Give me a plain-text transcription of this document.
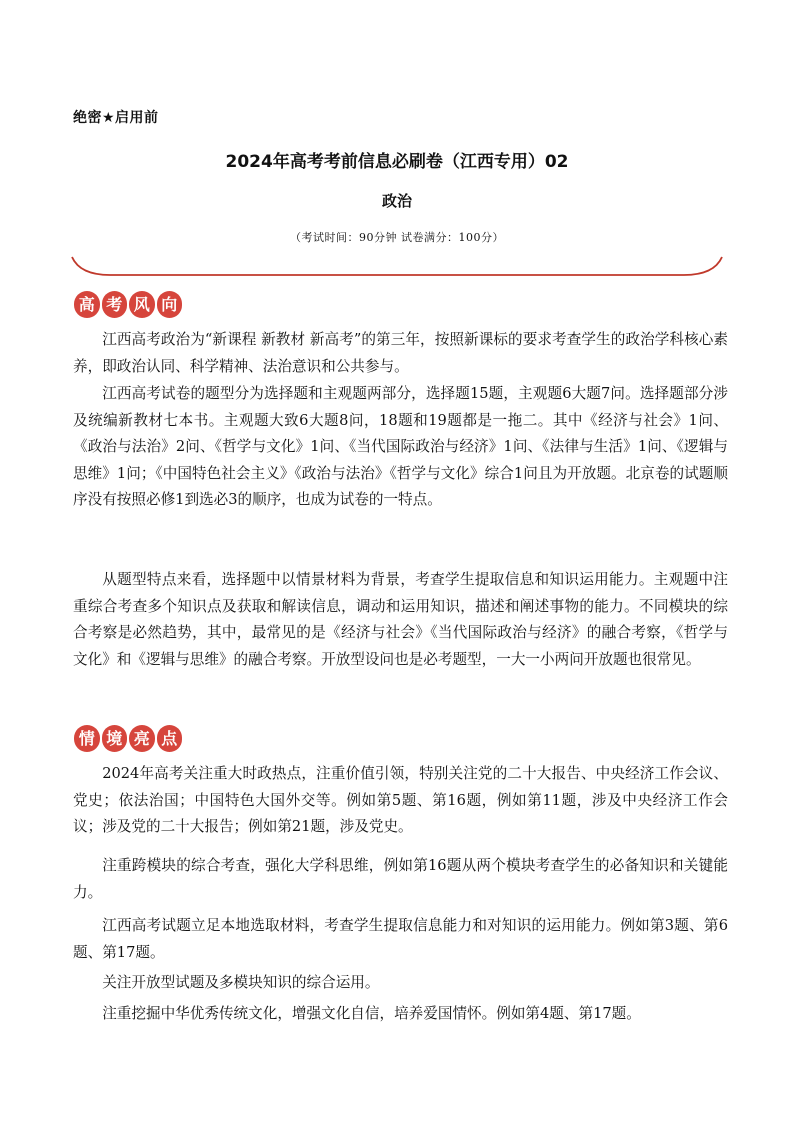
绝密★启用前
2024年高考考前信息必刷卷（江西专用）02
政治
（考试时间：90分钟 试卷满分：100分）
高 考 风 向

江西高考政治为“新课程 新教材 新高考”的第三年，按照新课标的要求考查学生的政治学科核心素养，即政治认同、科学精神、法治意识和公共参与。

江西高考试卷的题型分为选择题和主观题两部分，选择题15题，主观题6大题7问。选择题部分涉及统编新教材七本书。主观题大致6大题8问，18题和19题都是一拖二。其中《经济与社会》1问、《政治与法治》2问、《哲学与文化》1问、《当代国际政治与经济》1问、《法律与生活》1问、《逻辑与思维》1问；《中国特色社会主义》《政治与法治》《哲学与文化》综合1问且为开放题。北京卷的试题顺序没有按照必修1到选必3的顺序，也成为试卷的一特点。

从题型特点来看，选择题中以情景材料为背景，考查学生提取信息和知识运用能力。主观题中注重综合考查多个知识点及获取和解读信息，调动和运用知识，描述和阐述事物的能力。不同模块的综合考察是必然趋势，其中，最常见的是《经济与社会》《当代国际政治与经济》的融合考察，《哲学与文化》和《逻辑与思维》的融合考察。开放型设问也是必考题型，一大一小两问开放题也很常见。

情 境 亮 点

2024年高考关注重大时政热点，注重价值引领，特别关注党的二十大报告、中央经济工作会议、党史；依法治国；中国特色大国外交等。例如第5题、第16题，例如第11题，涉及中央经济工作会议；涉及党的二十大报告；例如第21题，涉及党史。

注重跨模块的综合考查，强化大学科思维，例如第16题从两个模块考查学生的必备知识和关键能力。

江西高考试题立足本地选取材料，考查学生提取信息能力和对知识的运用能力。例如第3题、第6题、第17题。

关注开放型试题及多模块知识的综合运用。

注重挖掘中华优秀传统文化，增强文化自信，培养爱国情怀。例如第4题、第17题。
